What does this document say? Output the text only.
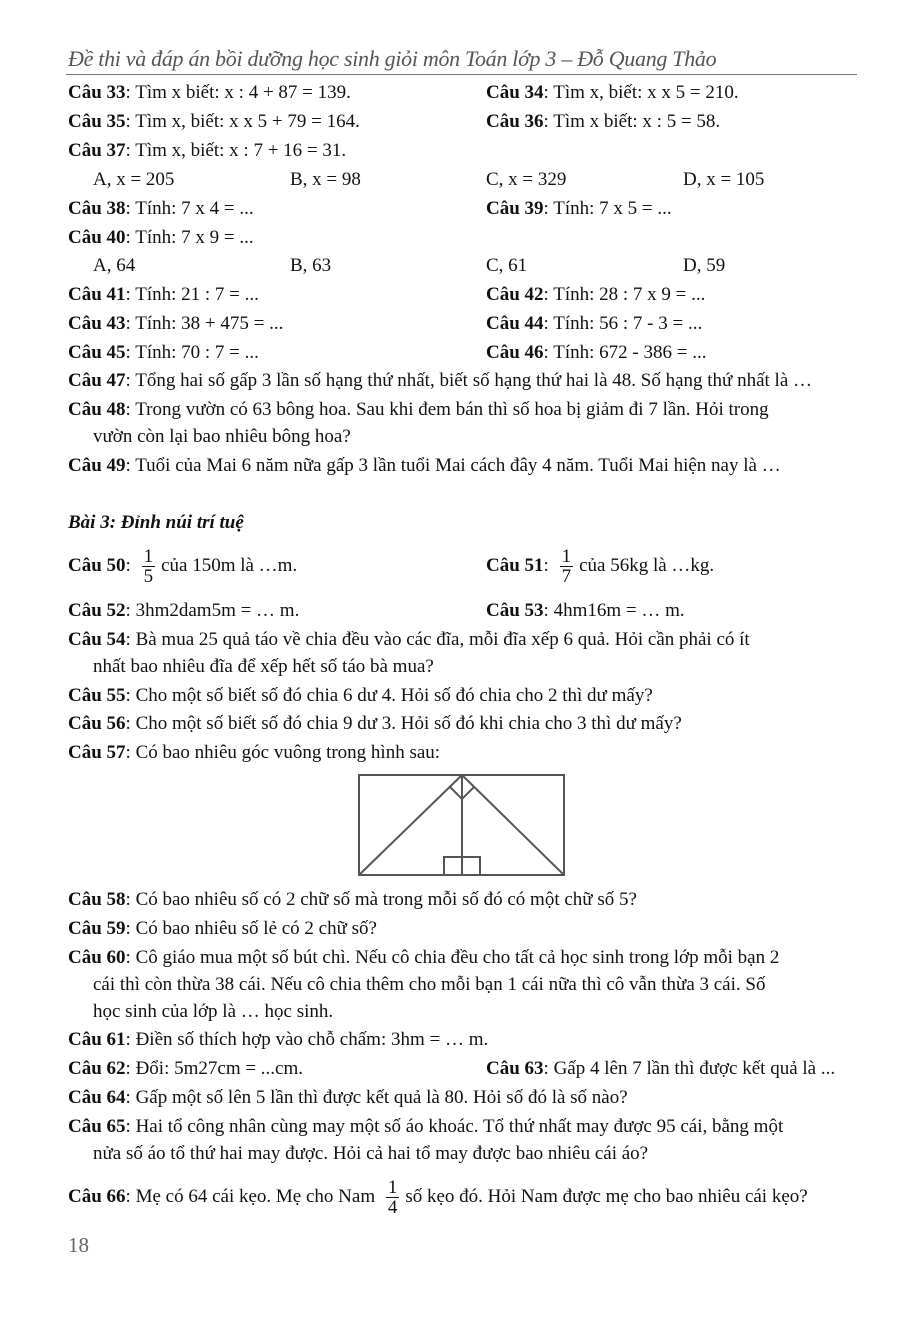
Đề thi và đáp án bồi dưỡng học sinh giỏi môn Toán lớp 3 – Đỗ Quang Thảo
Bài 3: Đỉnh núi trí tuệ
Câu 33: Tìm x biết: x : 4 + 87 = 139.	Câu 34: Tìm x, biết: x x 5 = 210.
Câu 35: Tìm x, biết: x x 5 + 79 = 164.	Câu 36: Tìm x biết: x : 5 = 58.
Câu 37: Tìm x, biết: x : 7 + 16 = 31.
Câu 38: Tính: 7 x 4 = ...	Câu 39: Tính: 7 x 5 = ...
Câu 40: Tính: 7 x 9 = ...
Câu 41: Tính: 21 : 7 = ...	Câu 42: Tính: 28 : 7 x 9 = ...
Câu 43: Tính: 38 + 475 = ...	Câu 44: Tính: 56 : 7 - 3 = ...
Câu 45: Tính: 70 : 7 = ...	Câu 46: Tính: 672 - 386 = ...
Câu 47: Tổng hai số gấp 3 lần số hạng thứ nhất, biết số hạng thứ hai là 48. Số hạng thứ nhất là …
Câu 48: Trong vườn có 63 bông hoa. Sau khi đem bán thì số hoa bị giảm đi 7 lần. Hỏi trong
vườn còn lại bao nhiêu bông hoa?
Câu 49: Tuổi của Mai 6 năm nữa gấp 3 lần tuổi Mai cách đây 4 năm. Tuổi Mai hiện nay là …
Câu 50: $\frac{1}{5}$ của 150m là …m.	Câu 51: $\frac{1}{7}$ của 56kg là …kg.
Câu 52: 3hm2dam5m = … m.	Câu 53: 4hm16m = … m.
Câu 54: Bà mua 25 quả táo về chia đều vào các đĩa, mỗi đĩa xếp 6 quả. Hỏi cần phải có ít
nhất bao nhiêu đĩa để xếp hết số táo bà mua?
Câu 55: Cho một số biết số đó chia 6 dư 4. Hỏi số đó chia cho 2 thì dư mấy?
Câu 56: Cho một số biết số đó chia 9 dư 3. Hỏi số đó khi chia cho 3 thì dư mấy?
Câu 57: Có bao nhiêu góc vuông trong hình sau:
Câu 58: Có bao nhiêu số có 2 chữ số mà trong mỗi số đó có một chữ số 5?
Câu 59: Có bao nhiêu số lẻ có 2 chữ số?
Câu 60: Cô giáo mua một số bút chì. Nếu cô chia đều cho tất cả học sinh trong lớp mỗi bạn 2
cái thì còn thừa 38 cái. Nếu cô chia thêm cho mỗi bạn 1 cái nữa thì cô vẫn thừa 3 cái. Số
học sinh của lớp là … học sinh.
Câu 61: Điền số thích hợp vào chỗ chấm: 3hm = … m.
Câu 62: Đổi: 5m27cm = ...cm.	Câu 63: Gấp 4 lên 7 lần thì được kết quả là ...
Câu 64: Gấp một số lên 5 lần thì được kết quả là 80. Hỏi số đó là số nào?
Câu 65: Hai tổ công nhân cùng may một số áo khoác. Tổ thứ nhất may được 95 cái, bằng một
nửa số áo tổ thứ hai may được. Hỏi cả hai tổ may được bao nhiêu cái áo?
Câu 66: Mẹ có 64 cái kẹo. Mẹ cho Nam $\frac{1}{4}$ số kẹo đó. Hỏi Nam được mẹ cho bao nhiêu cái kẹo?
A, x = 205	B, x = 98	C, x = 329	D, x = 105
A, 64	B, 63	C, 61	D, 59
18
